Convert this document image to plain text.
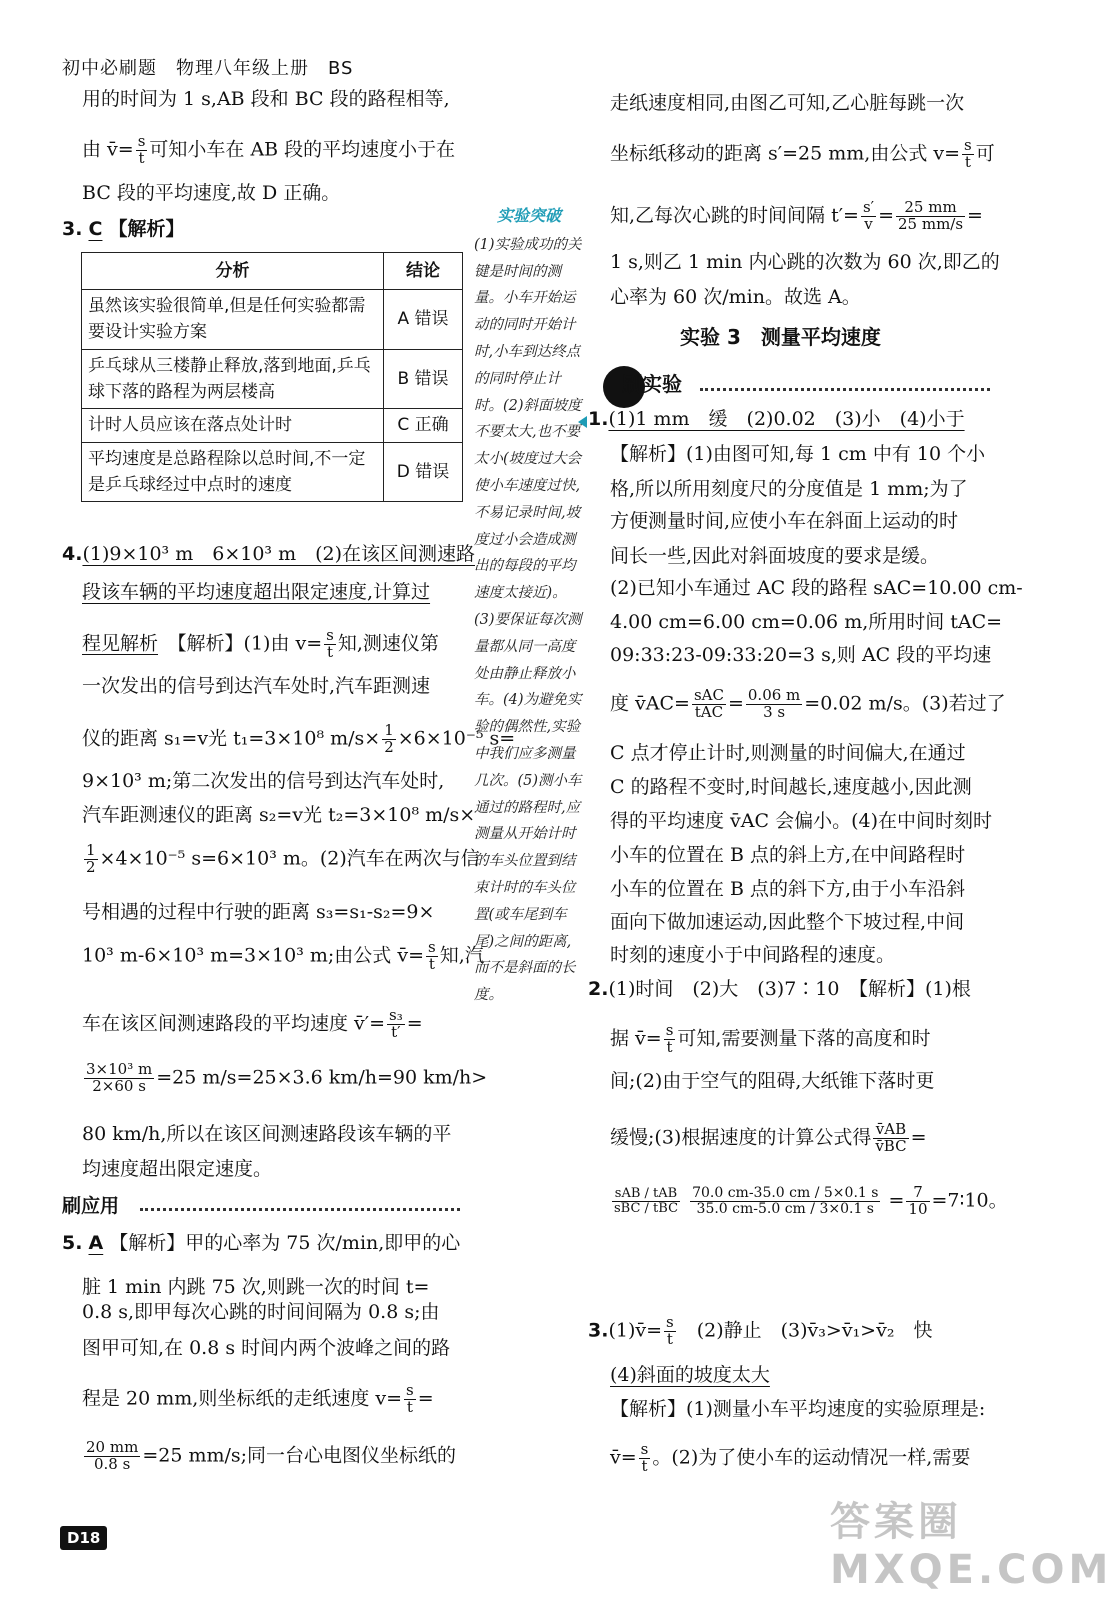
初中必刷题　物理八年级上册　BS
用的时间为 1 s,AB 段和 BC 段的路程相等,
由 v̄= $\frac{s}{t}$ 可知小车在 AB 段的平均速度小于在
BC 段的平均速度,故 D 正确。
3. C 【解析】
分析	结论
虽然该实验很简单,但是任何实验都需要设计实验方案	A 错误
乒乓球从三楼静止释放,落到地面,乒乓球下落的路程为两层楼高	B 错误
计时人员应该在落点处计时	C 正确
平均速度是总路程除以总时间,不一定是乒乓球经过中点时的速度	D 错误
4.(1)9×10³ m　6×10³ m　(2)在该区间测速路
段该车辆的平均速度超出限定速度,计算过
程见解析　 【解析】(1)由 $v= \frac{s}{t}$ 知,测速仪第
一次发出的信号到达汽车处时,汽车距测速
仪的距离 s₁=v光 t₁=3×10⁸ $m/s\times \frac{1}{2} \times 6\times 10^{-5}$ s=
9×10³ m;第二次发出的信号到达汽车处时,
汽车距测速仪的距离 s₂=v光 t₂=3×10⁸ m/s×
$\frac{1}{2} \times 4\times 10^{-5}$ s=6×10³ m。(2)汽车在两次与信
号相遇的过程中行驶的距离 s₃=s₁-s₂=9×
10³ m-6×10³ m=3×10³ m;由公式 v̄= $\frac{s}{t}$ 知,汽
车在该区间测速路段的平均速度 v̄′= $\frac{\text{s₃}}{t'}$ =
$\frac{\text{3×10³ m}}{2\times 60 s} =25$ m/s=25×3.6 km/h=90 km/h>
80 km/h,所以在该区间测速路段该车辆的平
均速度超出限定速度。
刷应用
5. A 【解析】甲的心率为 75 次/min,即甲的心
脏 1 min 内跳 75 次,则跳一次的时间 t=
0.8 s,即甲每次心跳的时间间隔为 0.8 s;由
图甲可知,在 0.8 s 时间内两个波峰之间的路
程是 20 mm,则坐标纸的走纸速度 $v= \frac{s}{t}$ =
$\frac{20 mm}{0.8 s} =25$ mm/s;同一台心电图仪坐标纸的
实验突破
(1)实验成功的关键是时间的测量。小车开始运动的同时开始计时,小车到达终点的同时停止计时。(2)斜面坡度不要太大,也不要太小(坡度过大会使小车速度过快,不易记录时间,坡度过小会造成测出的每段的平均速度太接近)。(3)要保证每次测量都从同一高度处由静止释放小车。(4)为避免实验的偶然性,实验中我们应多测量几次。(5)测小车通过的路程时,应测量从开始计时的车头位置到结束计时的车头位置(或车尾到车尾)之间的距离,而不是斜面的长度。
走纸速度相同,由图乙可知,乙心脏每跳一次
坐标纸移动的距离 s′=25 mm,由公式 $v= \frac{s}{t}$ 可
知,乙每次心跳的时间间隔 $t'= \frac{s'}{v} = \frac{25 mm}{25 mm/s}$ =
1 s,则乙 1 min 内心跳的次数为 60 次,即乙的
心率为 60 次/min。故选 A。
实验 3　测量平均速度
刷实验
1.(1)1 mm　缓　(2)0.02　(3)小　(4)小于
【解析】(1)由图可知,每 1 cm 中有 10 个小
格,所以所用刻度尺的分度值是 1 mm;为了
方便测量时间,应使小车在斜面上运动的时
间长一些,因此对斜面坡度的要求是缓。
(2)已知小车通过 AC 段的路程 sAC=10.00 cm-
4.00 cm=6.00 cm=0.06 m,所用时间 tAC=
09:33:23-09:33:20=3 s,则 AC 段的平均速
度 v̄AC= sAC
tAC = $\frac{0.06 m}{3 s} =0.02$ m/s。(3)若过了
C 点才停止计时,则测量的时间偏大,在通过
C 的路程不变时,时间越长,速度越小,因此测
得的平均速度 v̄AC 会偏小。(4)在中间时刻时
小车的位置在 B 点的斜上方,在中间路程时
小车的位置在 B 点的斜下方,由于小车沿斜
面向下做加速运动,因此整个下坡过程,中间
时刻的速度小于中间路程的速度。
2.(1)时间　(2)大　(3)7∶10　【解析】(1)根
据 v̄= $\frac{s}{t}$ 可知,需要测量下落的高度和时
间;(2)由于空气的阻碍,大纸锥下落时更
缓慢;(3)根据速度的计算公式得 $\frac{v̄AB}{v̄BC}$ =
sAB / tAB
sBC / tBC
$\frac{70.0 cm-35.0 cm / 5\times 0.1 s}{35.0 cm-5.0 cm / 3\times 0.1 s} = \frac{7}{10}$ =7∶10。
3.(1)v̄= $\frac{s}{t}$ 　(2)静止　(3)v̄₃>v̄₁>v̄₂　快
(4)斜面的坡度太大
【解析】(1)测量小车平均速度的实验原理是:
v̄= $\frac{s}{t}$ 。(2)为了使小车的运动情况一样,需要
D18	答案圈 MXQE.COM
